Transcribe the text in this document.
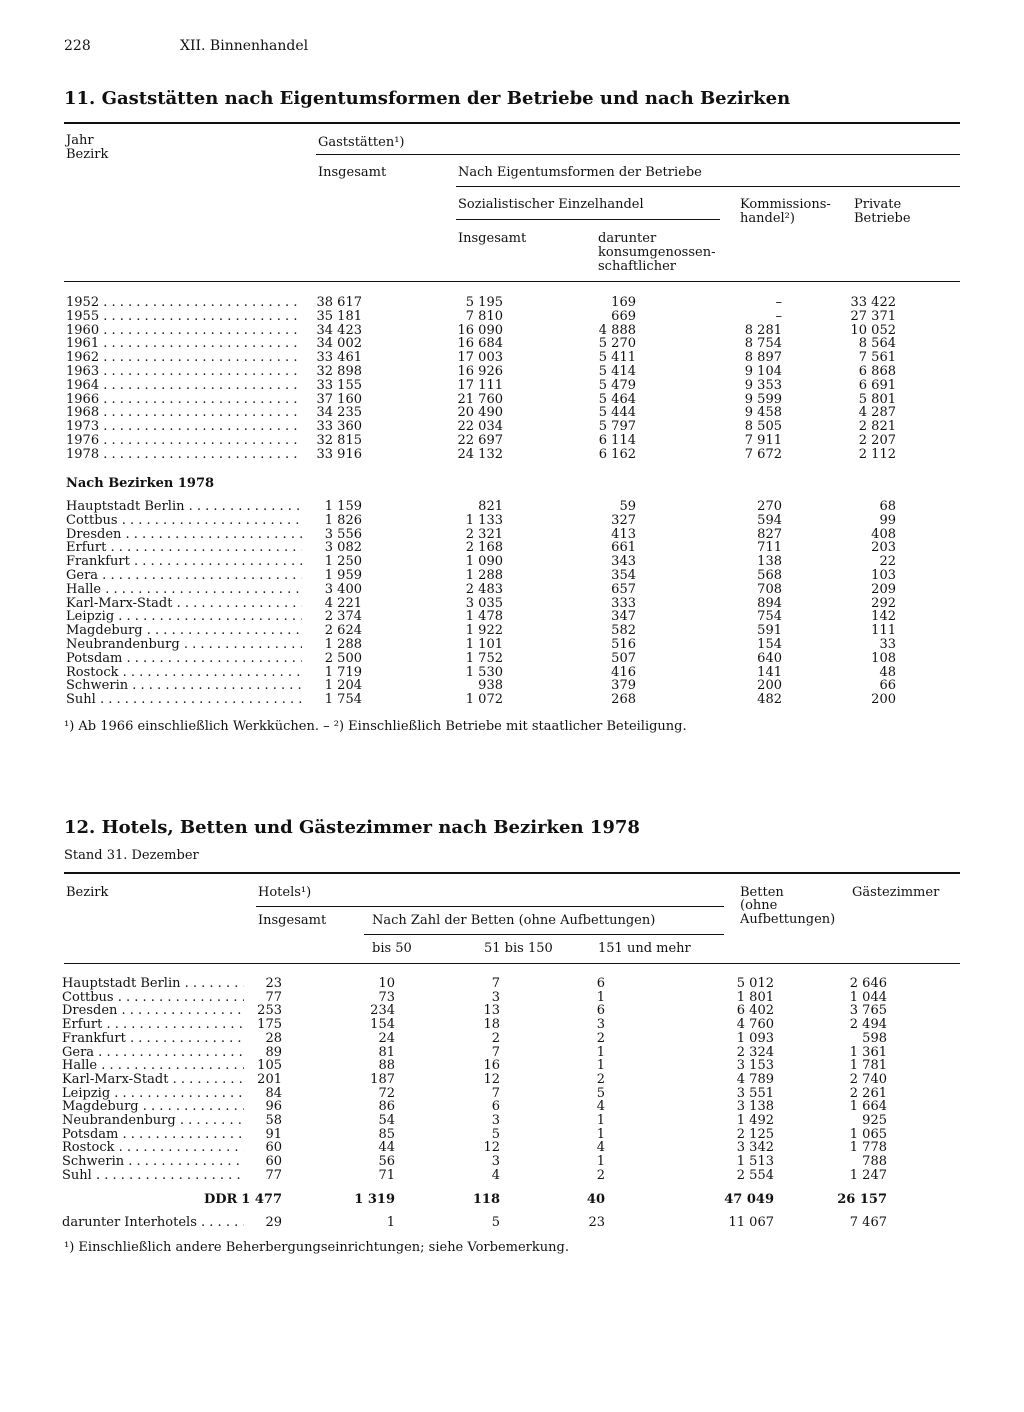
228	XII. Binnenhandel
11. Gaststätten nach Eigentumsformen der Betriebe und nach Bezirken
Jahr
Bezirk
Gaststätten¹)
Insgesamt	Nach Eigentumsformen der Betriebe
Sozialistischer Einzelhandel	Kommissions-
handel²)
Private
Betriebe
Insgesamt	darunter
konsumgenossen-
schaftlicher
1952 . . .	38 617	5 195	169	–	33 422
1955 . . .	35 181	7 810	669	–	27 371
1960 . . .	34 423	16 090	4 888	8 281	10 052
1961 . . .	34 002	16 684	5 270	8 754	8 564
1962 . . .	33 461	17 003	5 411	8 897	7 561
1963 . . .	32 898	16 926	5 414	9 104	6 868
1964 . . .	33 155	17 111	5 479	9 353	6 691
1966 . . .	37 160	21 760	5 464	9 599	5 801
1968 . . .	34 235	20 490	5 444	9 458	4 287
1973 . . .	33 360	22 034	5 797	8 505	2 821
1976 . . .	32 815	22 697	6 114	7 911	2 207
1978 . . .	33 916	24 132	6 162	7 672	2 112
Nach Bezirken 1978
Hauptstadt Berlin . . .	1 159	821	59	270	68
Cottbus . . .	1 826	1 133	327	594	99
Dresden . . .	3 556	2 321	413	827	408
Erfurt . . .	3 082	2 168	661	711	203
Frankfurt . . .	1 250	1 090	343	138	22
Gera . . .	1 959	1 288	354	568	103
Halle . . .	3 400	2 483	657	708	209
Karl-Marx-Stadt . . .	4 221	3 035	333	894	292
Leipzig . . .	2 374	1 478	347	754	142
Magdeburg . . .	2 624	1 922	582	591	111
Neubrandenburg . . .	1 288	1 101	516	154	33
Potsdam . . .	2 500	1 752	507	640	108
Rostock . . .	1 719	1 530	416	141	48
Schwerin . . .	1 204	938	379	200	66
Suhl . . .	1 754	1 072	268	482	200
¹) Ab 1966 einschließlich Werkküchen. – ²) Einschließlich Betriebe mit staatlicher Beteiligung.
12. Hotels, Betten und Gästezimmer nach Bezirken 1978
Stand 31. Dezember
Bezirk	Hotels¹)	Betten
(ohne
Aufbettungen)
Gästezimmer
Insgesamt	Nach Zahl der Betten (ohne Aufbettungen)
bis 50	51 bis 150	151 und mehr
Hauptstadt Berlin . . .	23	10	7	6	5 012	2 646
Cottbus . . .	77	73	3	1	1 801	1 044
Dresden . . .	253	234	13	6	6 402	3 765
Erfurt . . .	175	154	18	3	4 760	2 494
Frankfurt . . .	28	24	2	2	1 093	598
Gera . . .	89	81	7	1	2 324	1 361
Halle . . .	105	88	16	1	3 153	1 781
Karl-Marx-Stadt . . .	201	187	12	2	4 789	2 740
Leipzig . . .	84	72	7	5	3 551	2 261
Magdeburg . . .	96	86	6	4	3 138	1 664
Neubrandenburg . . .	58	54	3	1	1 492	925
Potsdam . . .	91	85	5	1	2 125	1 065
Rostock . . .	60	44	12	4	3 342	1 778
Schwerin . . .	60	56	3	1	1 513	788
Suhl . . .	77	71	4	2	2 554	1 247
DDR 1 477	1 319	118	40	47 049	26 157
darunter Interhotels . . .	29	1	5	23	11 067	7 467
¹) Einschließlich andere Beherbergungseinrichtungen; siehe Vorbemerkung.
